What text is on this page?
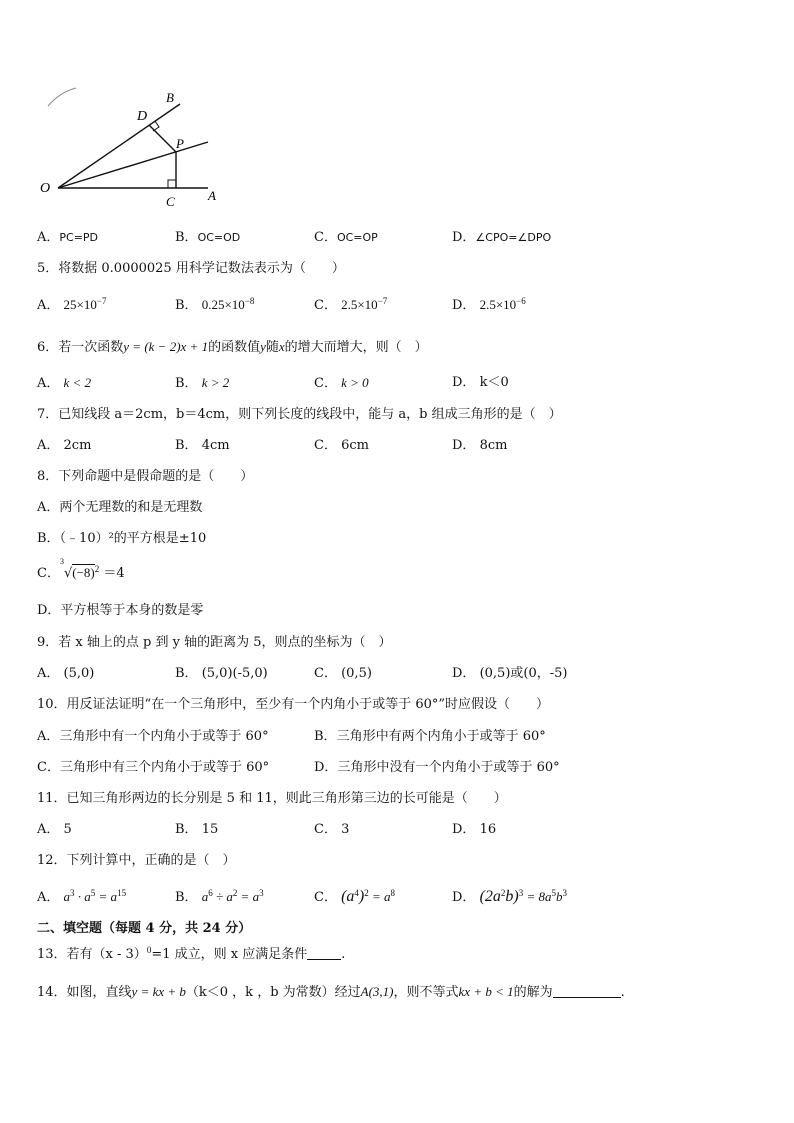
O	A
B
C
D
P
A．PC=PD	B．OC=OD	C．OC=OP	D．∠CPO=∠DPO
5．将数据 0.0000025 用科学记数法表示为（　　）
A． $25\times 10^{-7}$	B． $0.25\times 10^{-8}$	C． $2.5\times 10^{-7}$	D． $2.5\times 10^{-6}$
6．若一次函数y = (k − 2)x + 1的函数值y随x的增大而增大，则（　）
A． k < 2	B． k > 2	C． k > 0	D． k＜0
7．已知线段 a＝2cm，b＝4cm，则下列长度的线段中，能与 a，b 组成三角形的是（　）
A． 2cm	B． 4cm	C． 6cm	D． 8cm
8．下列命题中是假命题的是（　　）
A．两个无理数的和是无理数
B．（﹣10）²的平方根是±10
C．
3
$√(-8)^2 =4$
D．平方根等于本身的数是零
9．若 x 轴上的点 p 到 y 轴的距离为 5，则点的坐标为（　）
A． (5,0)	B． (5,0)(-5,0)	C． (0,5)	D． (0,5)或(0，-5)
10．用反证法证明“在一个三角形中，至少有一个内角小于或等于 60°”时应假设（　　）
A．三角形中有一个内角小于或等于 60°	B．三角形中有两个内角小于或等于 60°
C．三角形中有三个内角小于或等于 60°	D．三角形中没有一个内角小于或等于 60°
11．已知三角形两边的长分别是 5 和 11，则此三角形第三边的长可能是（　　）
A． 5	B． 15	C． 3	D． 16
12．下列计算中，正确的是（　）
A． $a^3 \cdot a^5 = a^{15}$	B． $a^6 \div a^2 = a^3$	C． $(a^4)^2 = a^8$	D． $(2a^2b)^3 = 8a^5b^3$
二、填空题（每题 4 分，共 24 分）
13．若有（x - 3）$^0$=1 成立，则 x 应满足条件	.
14．如图，直线y = kx + b（k＜0 ，k ，b 为常数）经过A(3,1)，则不等式kx + b < 1的解为	.
